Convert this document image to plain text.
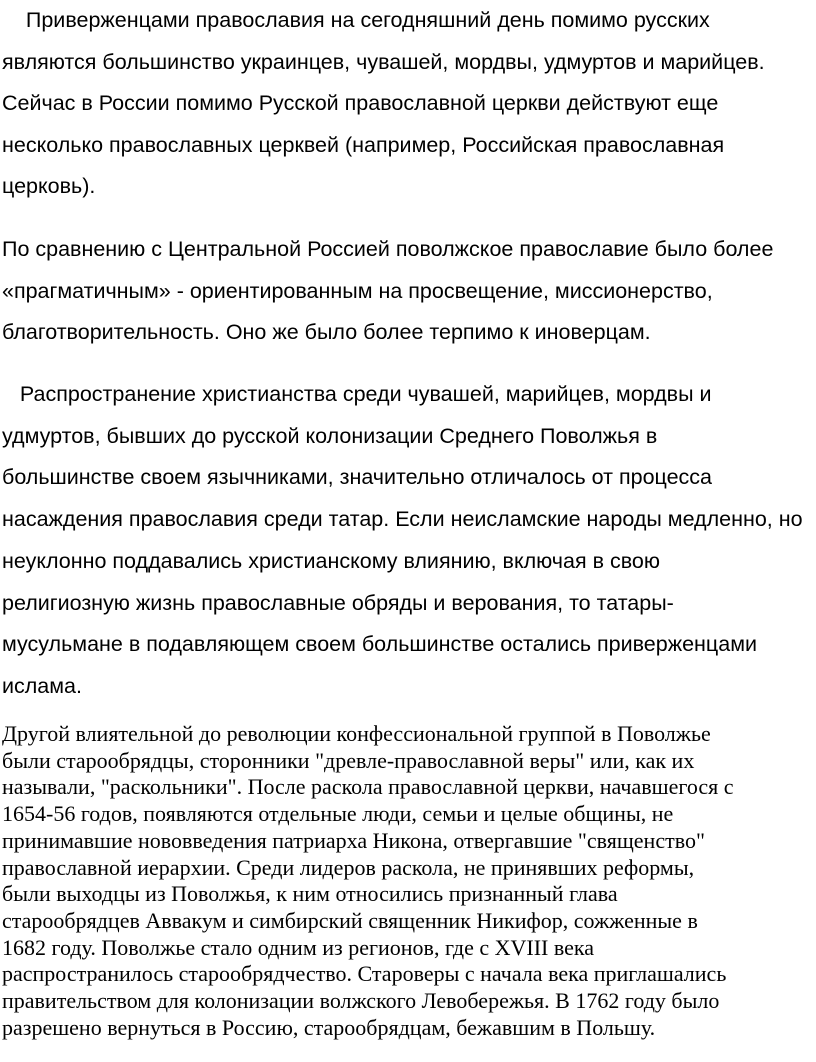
Приверженцами православия на сегодняшний день помимо русских
являются большинство украинцев, чувашей, мордвы, удмуртов и марийцев.
Сейчас в России помимо Русской православной церкви действуют еще
несколько православных церквей (например, Российская православная
церковь).

По сравнению с Центральной Россией поволжское православие было более
«прагматичным» - ориентированным на просвещение, миссионерство,
благотворительность. Оно же было более терпимо к иноверцам.

Распространение христианства среди чувашей, марийцев, мордвы и
удмуртов, бывших до русской колонизации Среднего Поволжья в
большинстве своем язычниками, значительно отличалось от процесса
насаждения православия среди татар. Если неисламские народы медленно, но
неуклонно поддавались христианскому влиянию, включая в свою
религиозную жизнь православные обряды и верования, то татары-
мусульмане в подавляющем своем большинстве остались приверженцами
ислама.

Другой влиятельной до революции конфессиональной группой в Поволжье
были старообрядцы, сторонники "древле-православной веры" или, как их
называли, "раскольники". После раскола православной церкви, начавшегося с
1654-56 годов, появляются отдельные люди, семьи и целые общины, не
принимавшие нововведения патриарха Никона, отвергавшие "священство"
православной иерархии. Среди лидеров раскола, не принявших реформы,
были выходцы из Поволжья, к ним относились признанный глава
старообрядцев Аввакум и симбирский священник Никифор, сожженные в
1682 году. Поволжье стало одним из регионов, где с XVIII века
распространилось старообрядчество. Староверы с начала века приглашались
правительством для колонизации волжского Левобережья. В 1762 году было
разрешено вернуться в Россию, старообрядцам, бежавшим в Польшу.
